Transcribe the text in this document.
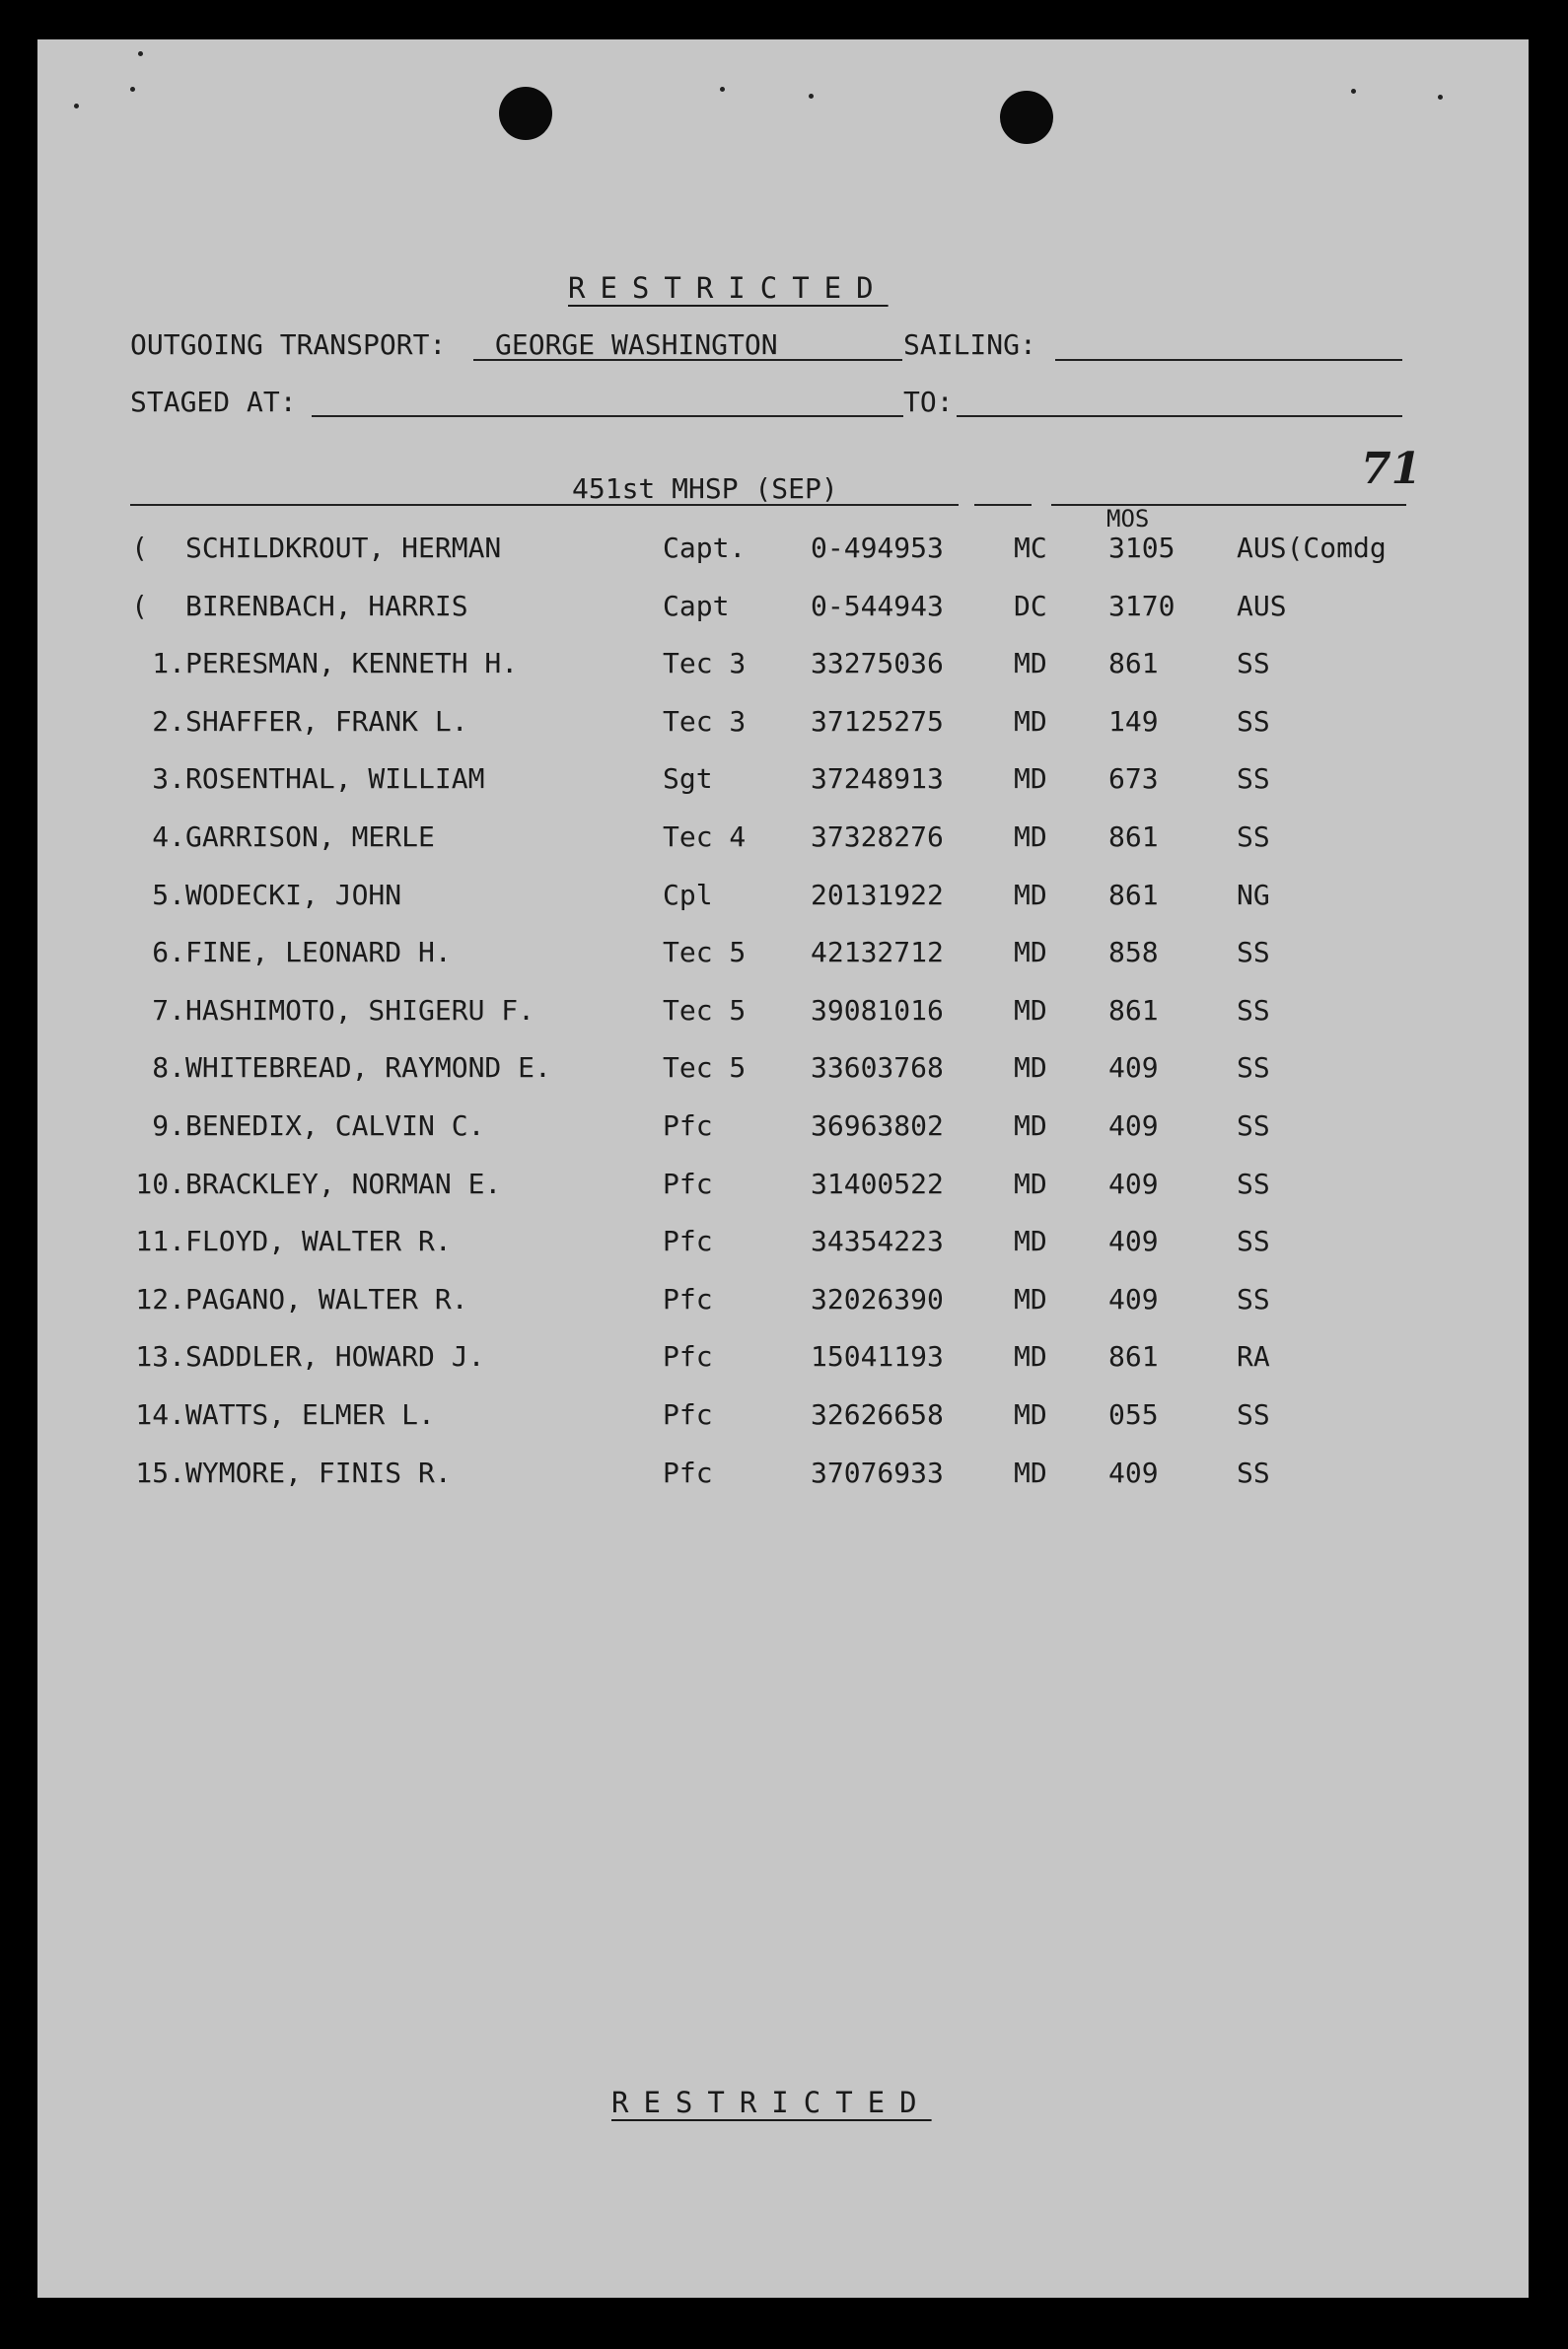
RESTRICTED
OUTGOING TRANSPORT: GEORGE WASHINGTON	SAILING:
STAGED AT:	TO:
451st MHSP (SEP)	71
MOS
( SCHILDKROUT, HERMAN	Capt. 0-494953	MC 3105 AUS(Comdg
( BIRENBACH, HARRIS	Capt	0-544943	DC 3170 AUS
1. PERESMAN, KENNETH H.	Tec 3 33275036	MD 861	SS
2. SHAFFER, FRANK L.	Tec 3 37125275	MD 149	SS
3. ROSENTHAL, WILLIAM	Sgt	37248913	MD 673	SS
4. GARRISON, MERLE	Tec 4 37328276	MD 861	SS
5. WODECKI, JOHN	Cpl	20131922	MD 861	NG
6. FINE, LEONARD H.	Tec 5 42132712	MD 858	SS
7. HASHIMOTO, SHIGERU F.	Tec 5 39081016	MD 861	SS
8. WHITEBREAD, RAYMOND E.	Tec 5 33603768	MD 409	SS
9. BENEDIX, CALVIN C.	Pfc	36963802	MD 409	SS
10. BRACKLEY, NORMAN E.	Pfc	31400522	MD 409	SS
11. FLOYD, WALTER R.	Pfc	34354223	MD 409	SS
12. PAGANO, WALTER R.	Pfc	32026390	MD 409	SS
13. SADDLER, HOWARD J.	Pfc	15041193	MD 861	RA
14. WATTS, ELMER L.	Pfc	32626658	MD 055	SS
15. WYMORE, FINIS R.	Pfc	37076933	MD 409	SS
RESTRICTED
